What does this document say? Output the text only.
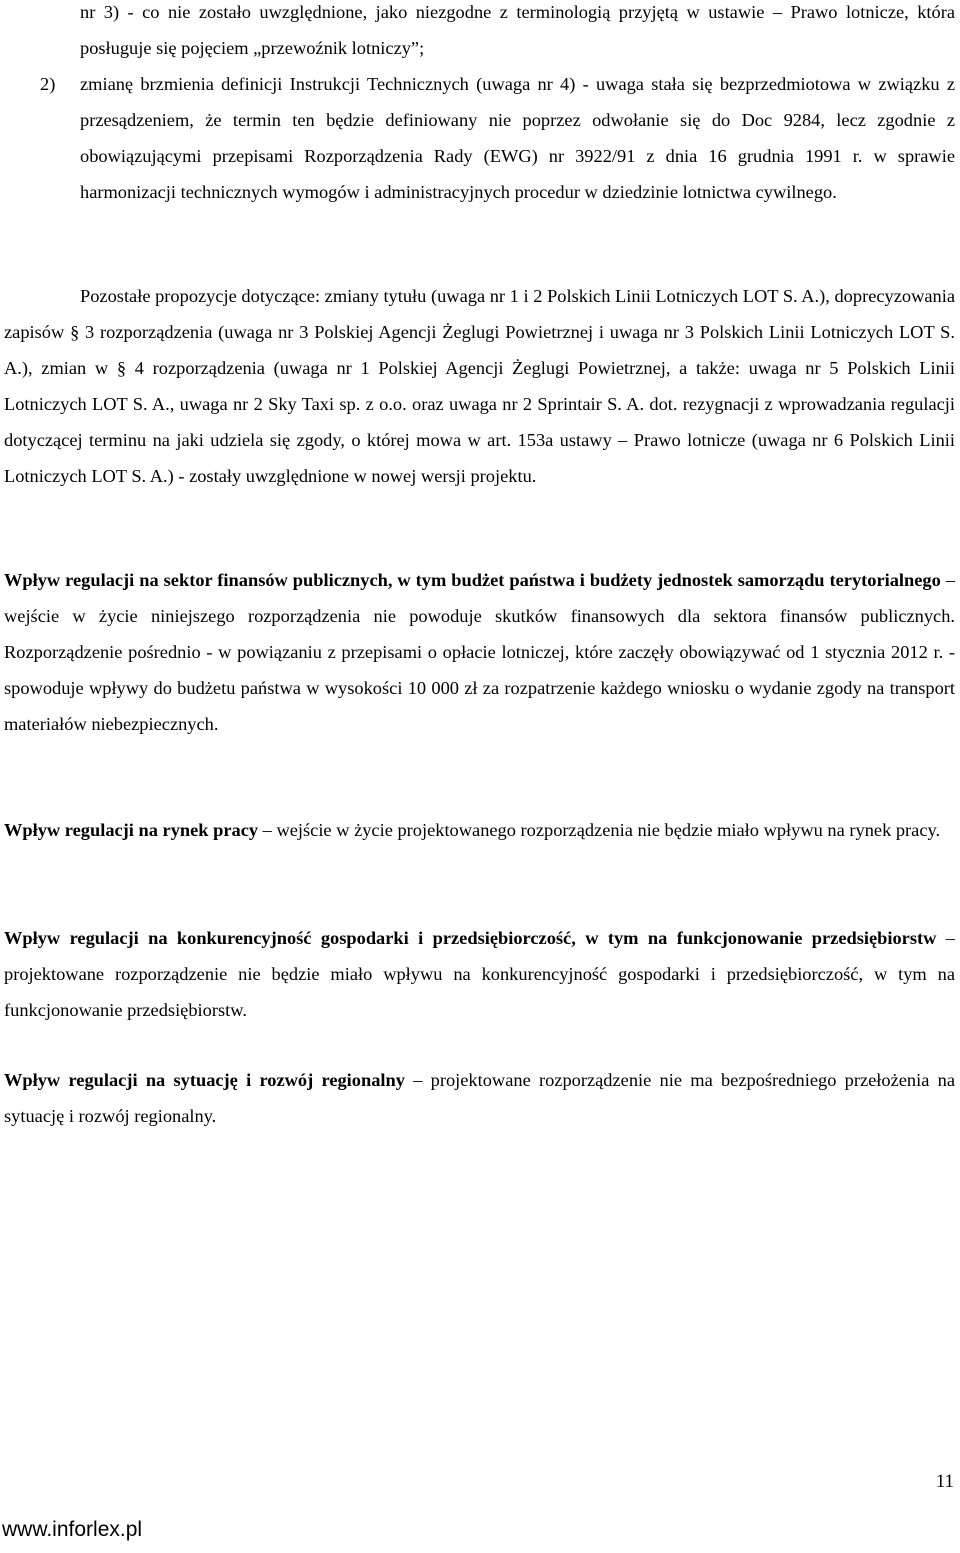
nr 3) - co nie zostało uwzględnione, jako niezgodne z terminologią przyjętą w ustawie – Prawo lotnicze, która posługuje się pojęciem „przewoźnik lotniczy”;

2)	zmianę brzmienia definicji Instrukcji Technicznych (uwaga nr 4) - uwaga stała się bezprzedmiotowa w związku z przesądzeniem, że termin ten będzie definiowany nie poprzez odwołanie się do Doc 9284, lecz zgodnie z obowiązującymi przepisami Rozporządzenia Rady (EWG) nr 3922/91 z dnia 16 grudnia 1991 r. w sprawie harmonizacji technicznych wymogów i administracyjnych procedur w dziedzinie lotnictwa cywilnego.

Pozostałe propozycje dotyczące: zmiany tytułu (uwaga nr 1 i 2 Polskich Linii Lotniczych LOT S. A.), doprecyzowania zapisów § 3 rozporządzenia (uwaga nr 3 Polskiej Agencji Żeglugi Powietrznej i uwaga nr 3 Polskich Linii Lotniczych LOT S. A.), zmian w § 4 rozporządzenia (uwaga nr 1 Polskiej Agencji Żeglugi Powietrznej, a także: uwaga nr 5 Polskich Linii Lotniczych LOT S. A., uwaga nr 2 Sky Taxi sp. z o.o. oraz uwaga nr 2 Sprintair S. A. dot. rezygnacji z wprowadzania regulacji dotyczącej terminu na jaki udziela się zgody, o której mowa w art. 153a ustawy – Prawo lotnicze (uwaga nr 6 Polskich Linii Lotniczych LOT S. A.) - zostały uwzględnione w nowej wersji projektu.

Wpływ regulacji na sektor finansów publicznych, w tym budżet państwa i budżety jednostek samorządu terytorialnego – wejście w życie niniejszego rozporządzenia nie powoduje skutków finansowych dla sektora finansów publicznych. Rozporządzenie pośrednio - w powiązaniu z przepisami o opłacie lotniczej, które zaczęły obowiązywać od 1 stycznia 2012 r. - spowoduje wpływy do budżetu państwa w wysokości 10 000 zł za rozpatrzenie każdego wniosku o wydanie zgody na transport materiałów niebezpiecznych.

Wpływ regulacji na rynek pracy – wejście w życie projektowanego rozporządzenia nie będzie miało wpływu na rynek pracy.

Wpływ regulacji na konkurencyjność gospodarki i przedsiębiorczość, w tym na funkcjonowanie przedsiębiorstw – projektowane rozporządzenie nie będzie miało wpływu na konkurencyjność gospodarki i przedsiębiorczość, w tym na funkcjonowanie przedsiębiorstw.

Wpływ regulacji na sytuację i rozwój regionalny – projektowane rozporządzenie nie ma bezpośredniego przełożenia na sytuację i rozwój regionalny.

11
www.inforlex.pl
